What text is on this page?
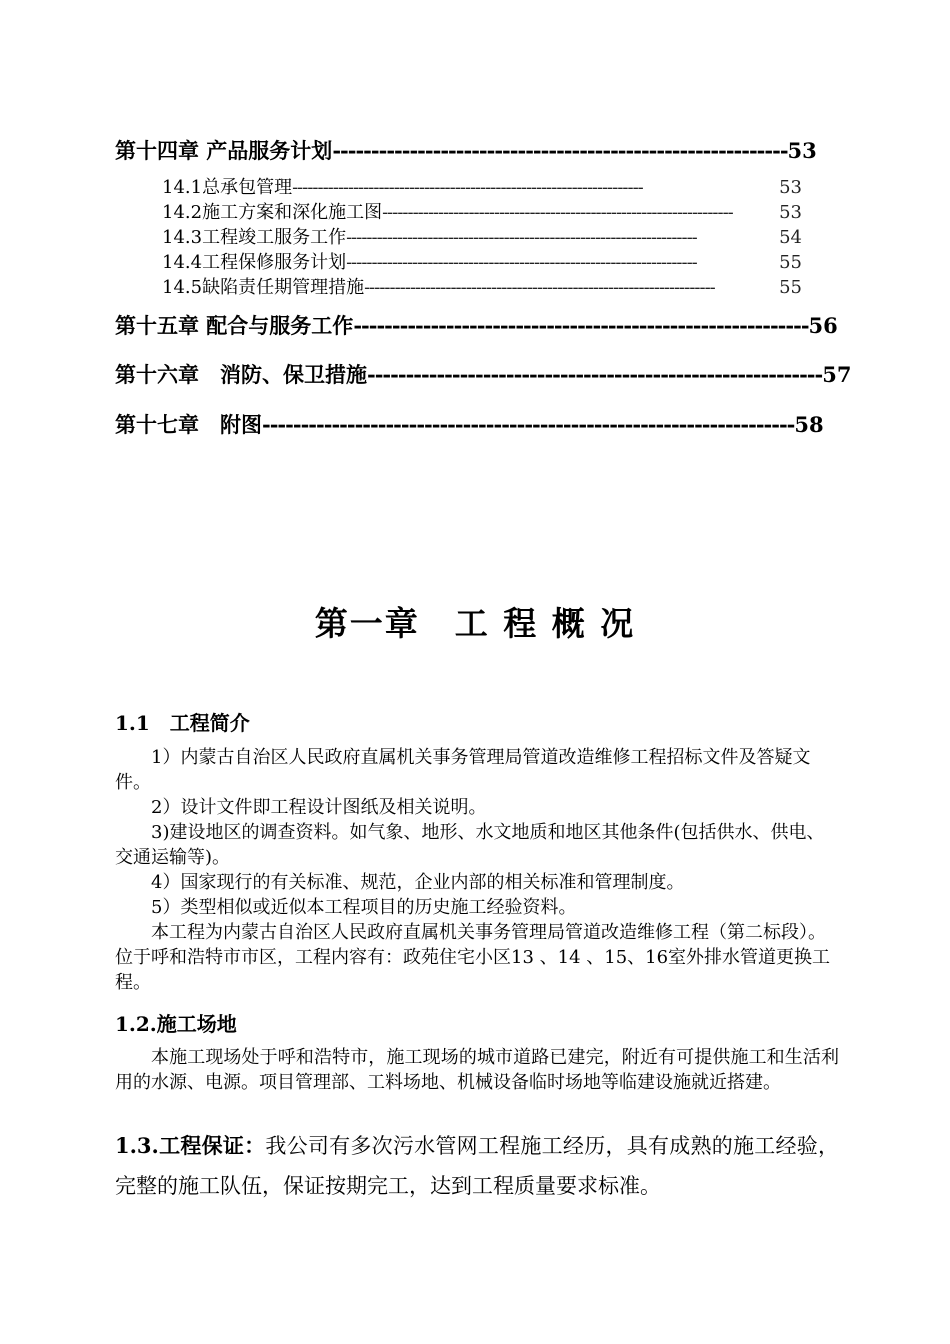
第十四章 产品服务计划 ----------------------------------------------------------- 53
14.1总承包管理 ---------------------------------------------------------------------	53
14.2施工方案和深化施工图 ---------------------------------------------------------------------	53
14.3工程竣工服务工作 ---------------------------------------------------------------------	54
14.4工程保修服务计划 ---------------------------------------------------------------------	55
14.5缺陷责任期管理措施 ---------------------------------------------------------------------	55
第十五章 配合与服务工作 ----------------------------------------------------------- 56
第十六章　消防、保卫措施 ----------------------------------------------------------- 57
第十七章　附图 --------------------------------------------------------------------- 58
第一章　工 程 概 况
1.1　工程简介

1）内蒙古自治区人民政府直属机关事务管理局管道改造维修工程招标文件及答疑文件。

2）设计文件即工程设计图纸及相关说明。

3)建设地区的调查资料。如气象、地形、水文地质和地区其他条件(包括供水、供电、交通运输等)。

4）国家现行的有关标准、规范，企业内部的相关标准和管理制度。

5）类型相似或近似本工程项目的历史施工经验资料。

本工程为内蒙古自治区人民政府直属机关事务管理局管道改造维修工程（第二标段）。位于呼和浩特市市区，工程内容有：政苑住宅小区13 、14 、15、16室外排水管道更换工程。

1.2.施工场地

本施工现场处于呼和浩特市，施工现场的城市道路已建完，附近有可提供施工和生活利用的水源、电源。项目管理部、工料场地、机械设备临时场地等临建设施就近搭建。

1.3.工程保证：我公司有多次污水管网工程施工经历，具有成熟的施工经验，完整的施工队伍，保证按期完工，达到工程质量要求标准。
